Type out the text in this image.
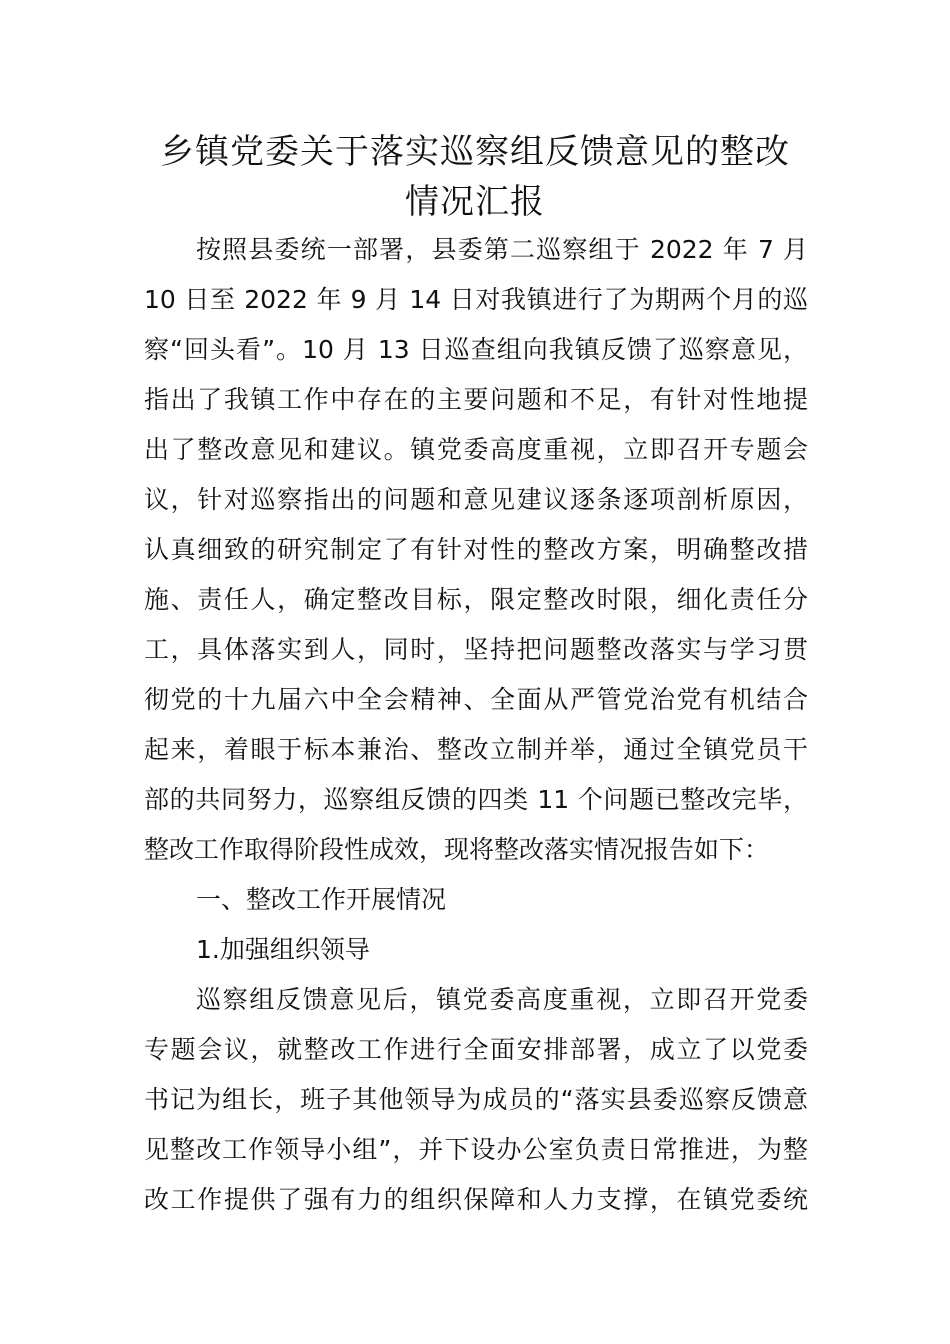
乡镇党委关于落实巡察组反馈意见的整改
情况汇报
按照县委统一部署，县委第二巡察组于 2022 年 7 月
10 日至 2022 年 9 月 14 日对我镇进行了为期两个月的巡
察“回头看”。10 月 13 日巡查组向我镇反馈了巡察意见，
指出了我镇工作中存在的主要问题和不足，有针对性地提
出了整改意见和建议。镇党委高度重视，立即召开专题会
议，针对巡察指出的问题和意见建议逐条逐项剖析原因，
认真细致的研究制定了有针对性的整改方案，明确整改措
施、责任人，确定整改目标，限定整改时限，细化责任分
工，具体落实到人，同时，坚持把问题整改落实与学习贯
彻党的十九届六中全会精神、全面从严管党治党有机结合
起来，着眼于标本兼治、整改立制并举，通过全镇党员干
部的共同努力，巡察组反馈的四类 11 个问题已整改完毕，
整改工作取得阶段性成效，现将整改落实情况报告如下：
一、整改工作开展情况
1.加强组织领导
巡察组反馈意见后，镇党委高度重视，立即召开党委
专题会议，就整改工作进行全面安排部署，成立了以党委
书记为组长，班子其他领导为成员的“落实县委巡察反馈意
见整改工作领导小组”，并下设办公室负责日常推进，为整
改工作提供了强有力的组织保障和人力支撑，在镇党委统
